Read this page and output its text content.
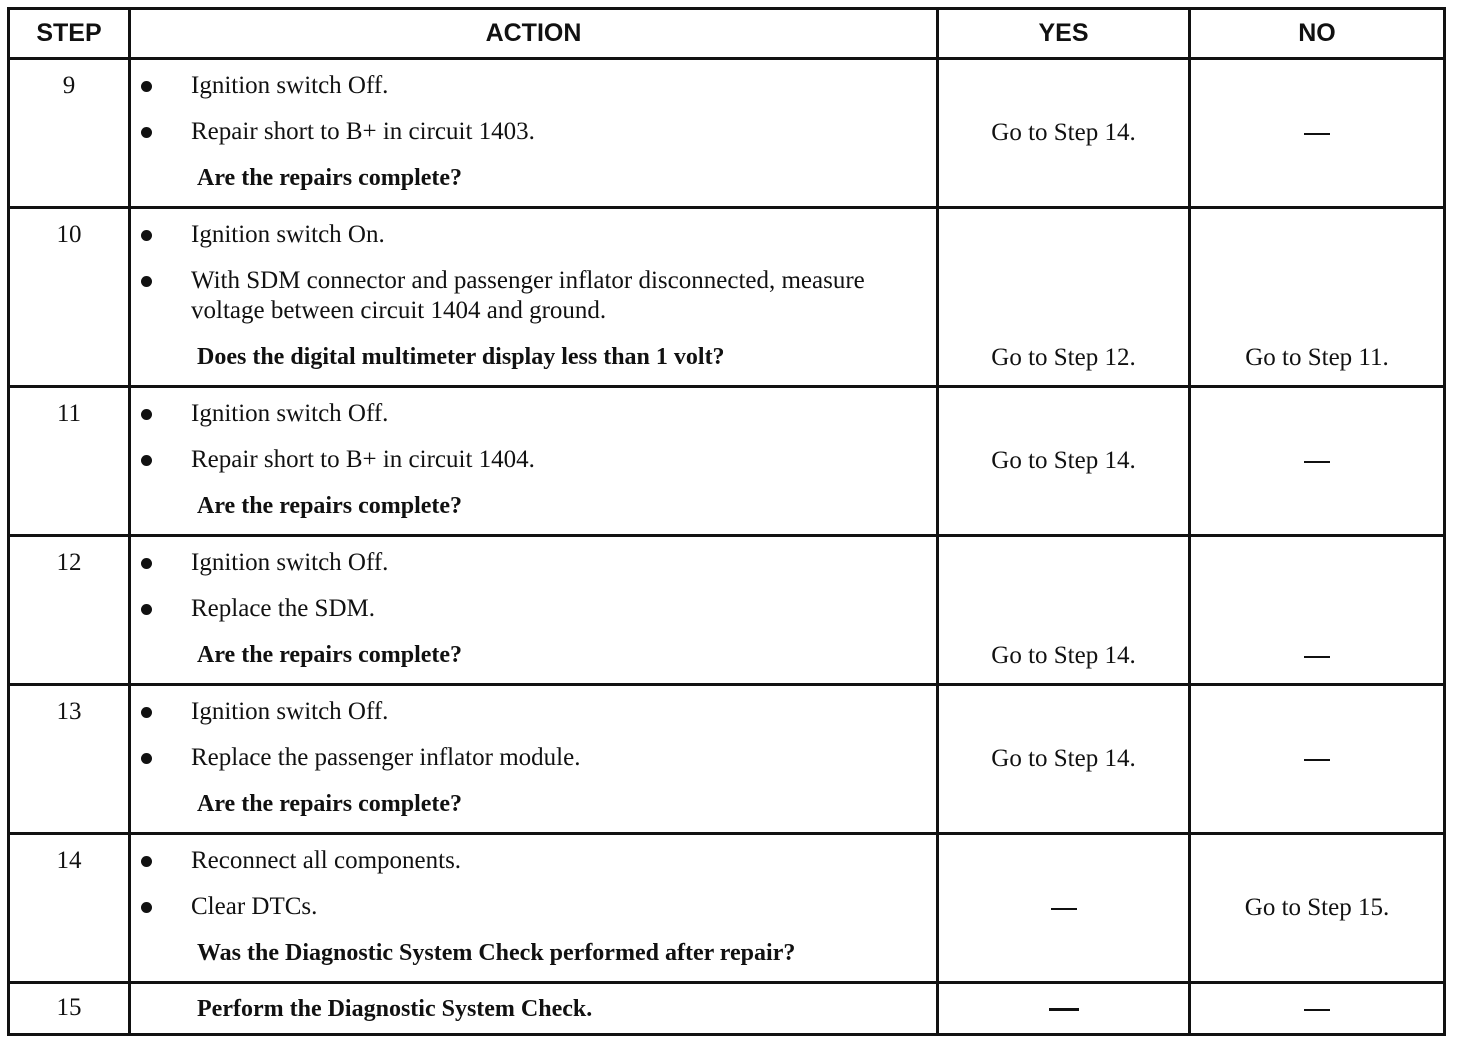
STEP	ACTION	YES	NO
9	Ignition switch Off.
Repair short to B+ in circuit 1403.
Are the repairs complete?	Go to Step 14.	
10	Ignition switch On.
With SDM connector and passenger inflator disconnected, measure voltage between circuit 1404 and ground.
Does the digital multimeter display less than 1 volt?	Go to Step 12.	Go to Step 11.
11	Ignition switch Off.
Repair short to B+ in circuit 1404.
Are the repairs complete?	Go to Step 14.	
12	Ignition switch Off.
Replace the SDM.
Are the repairs complete?	Go to Step 14.	
13	Ignition switch Off.
Replace the passenger inflator module.
Are the repairs complete?	Go to Step 14.	
14	Reconnect all components.
Clear DTCs.
Was the Diagnostic System Check performed after repair?		Go to Step 15.
15	Perform the Diagnostic System Check.		
